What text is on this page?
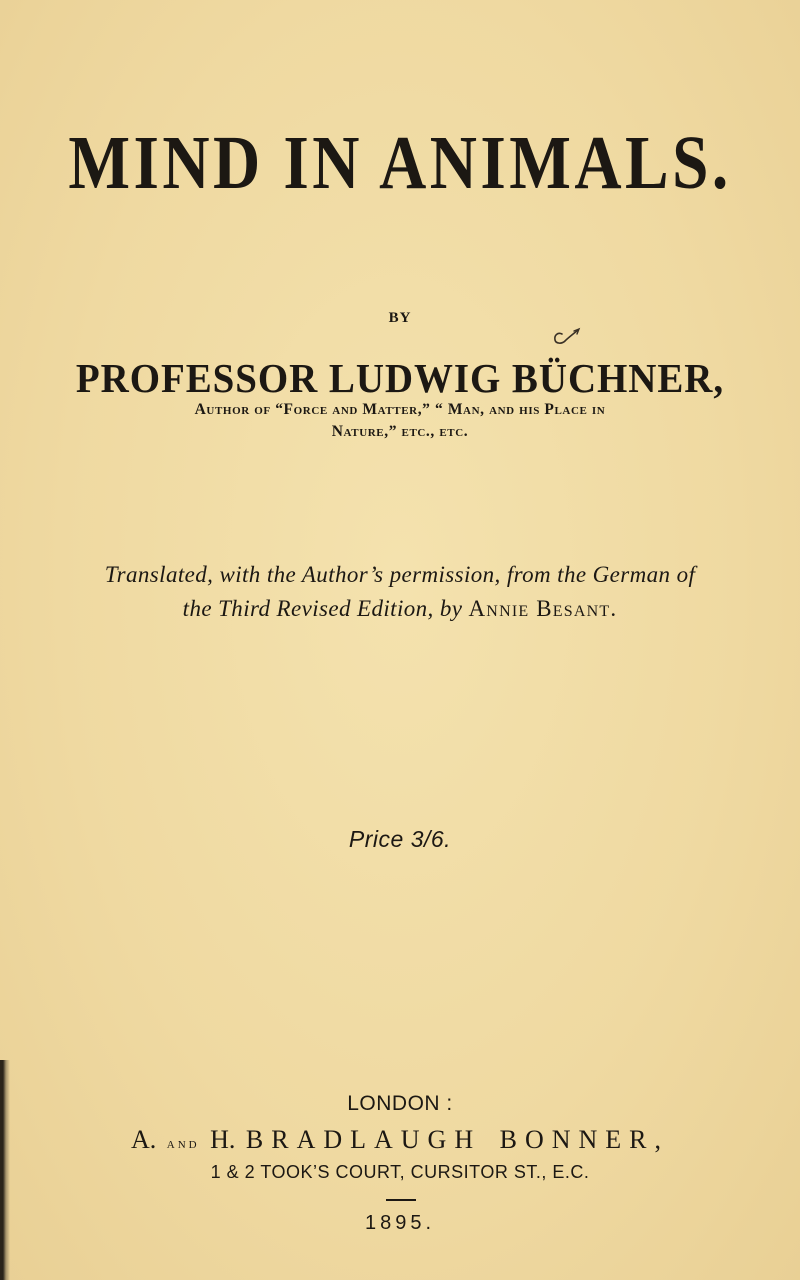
MIND IN ANIMALS.

BY

PROFESSOR LUDWIG BÜCHNER,

Author of “Force and Matter,” “ Man, and his Place in

Nature,” etc., etc.

Translated, with the Author’s permission, from the German of

the Third Revised Edition, by Annie Besant.

Price 3/6.

LONDON :

A. and H. BRADLAUGH BONNER,

1 & 2 TOOK’S COURT, CURSITOR ST., E.C.

1895.
